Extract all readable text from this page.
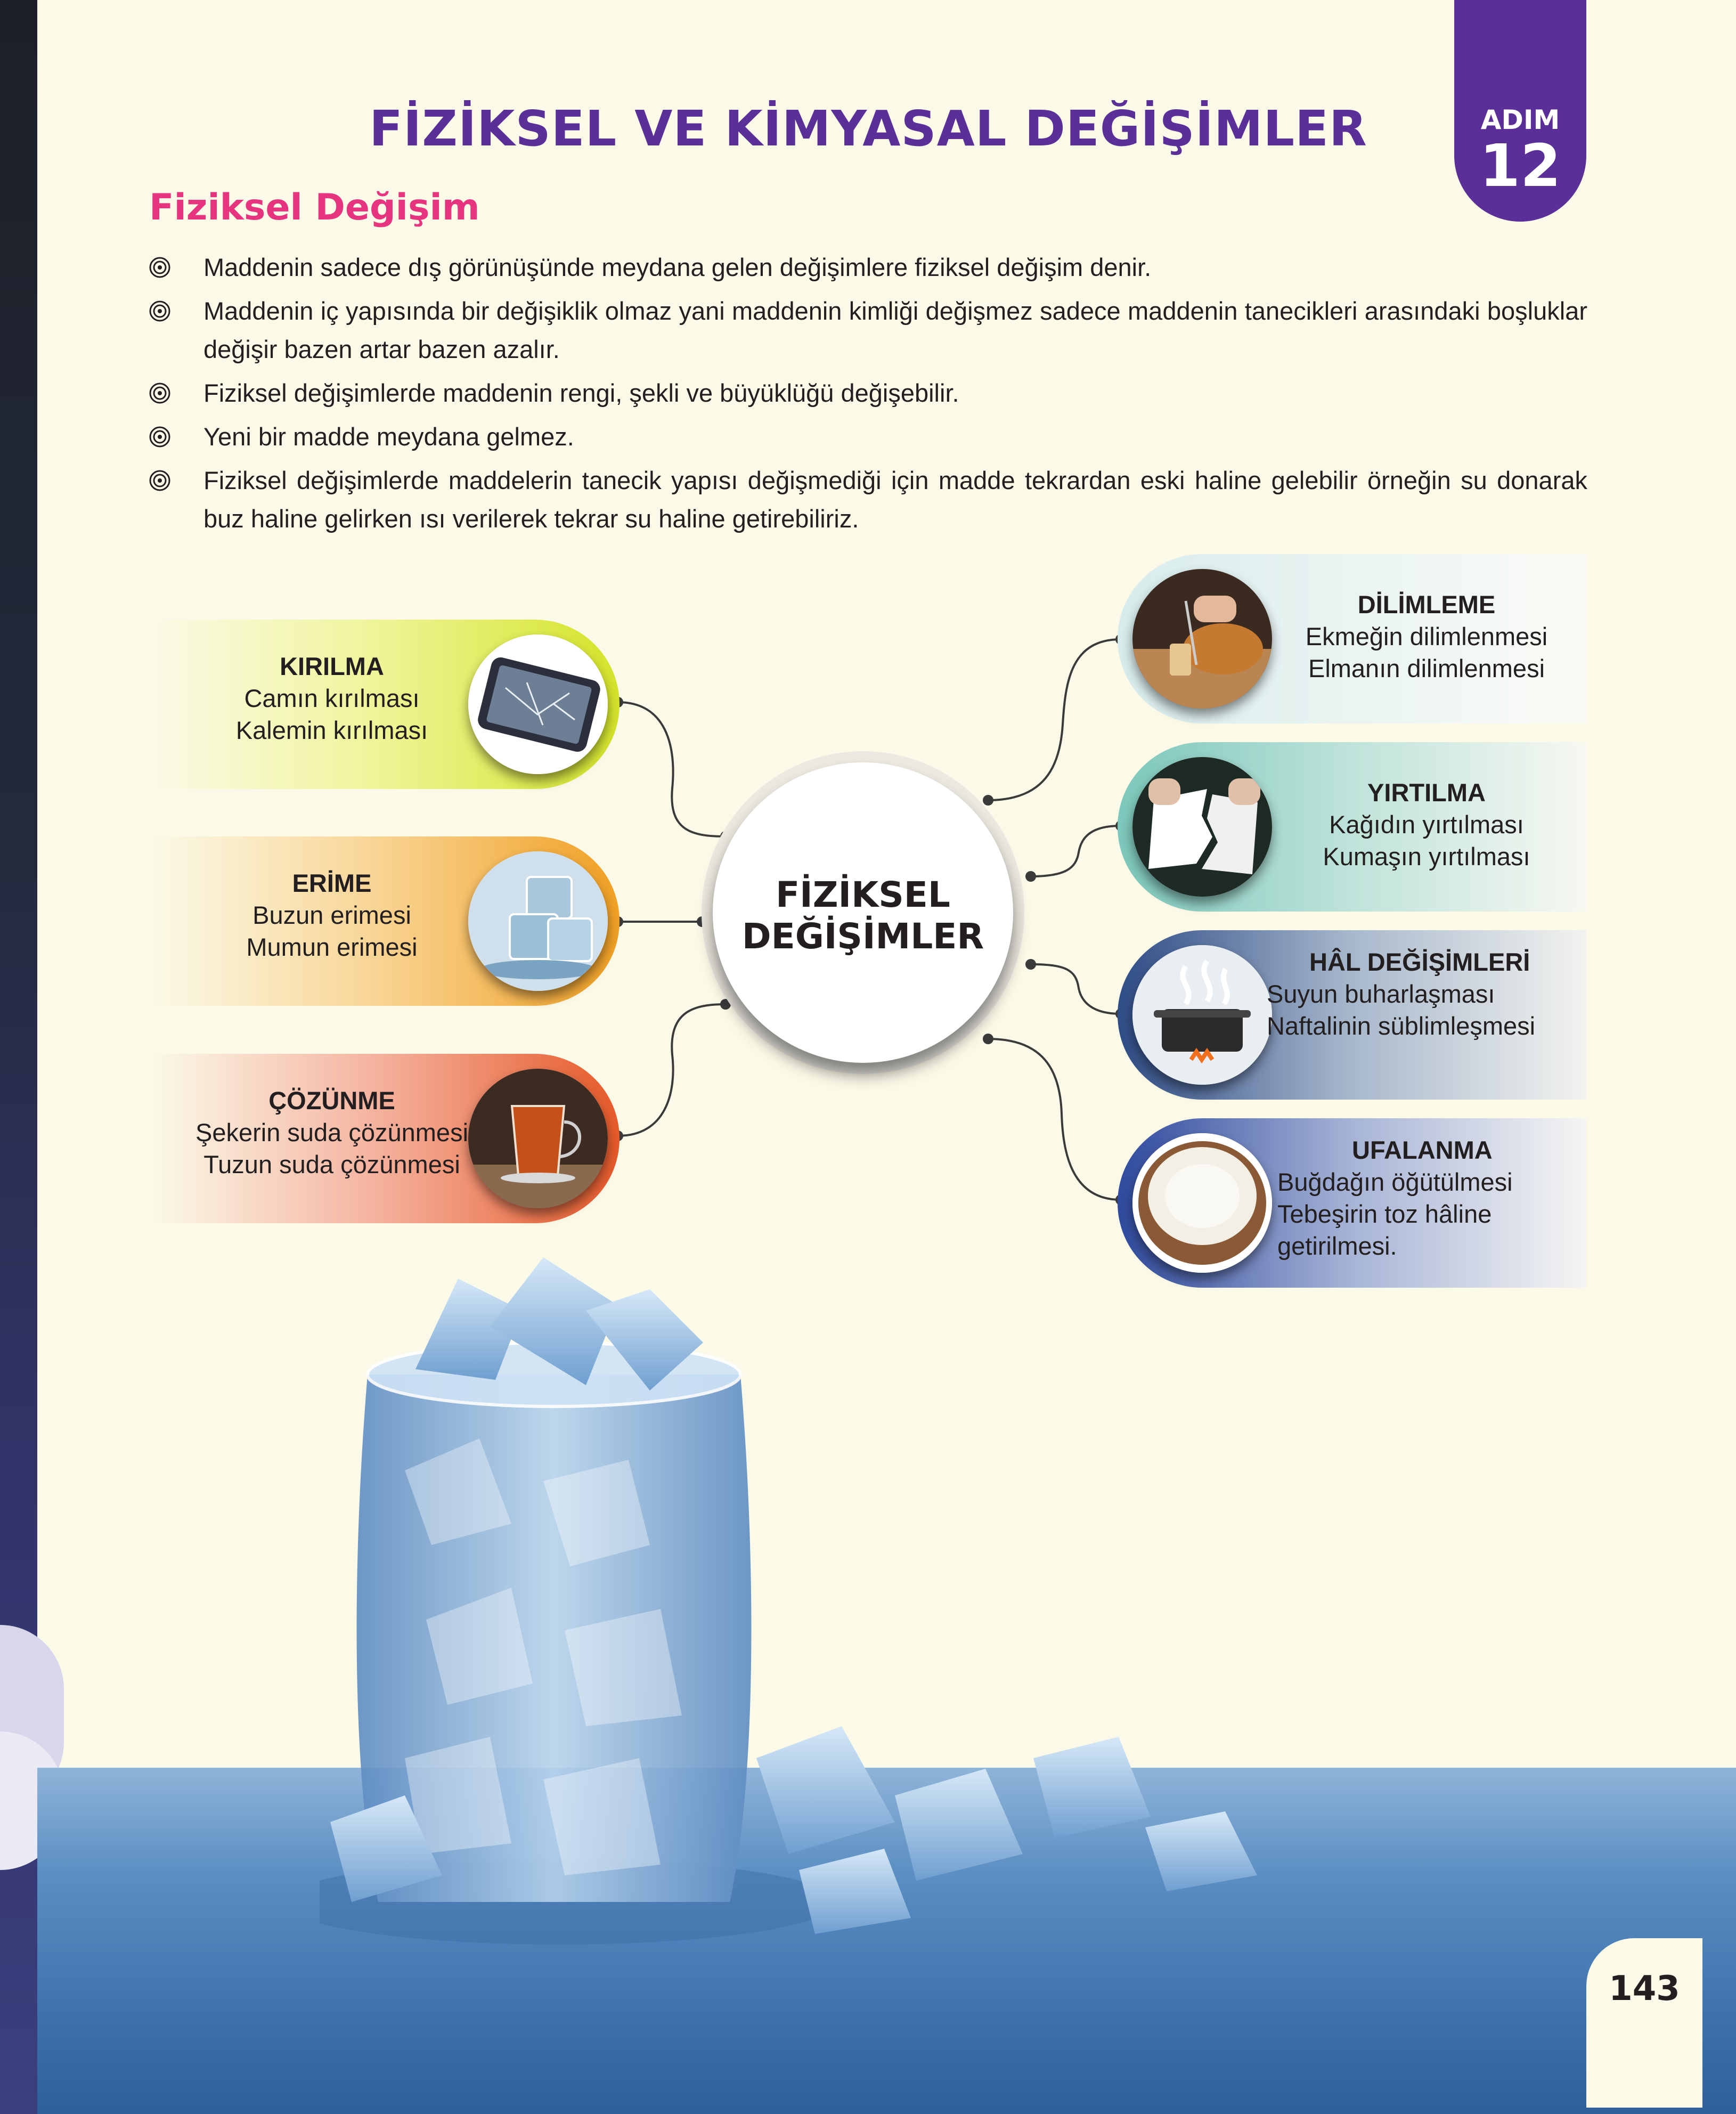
ADIM
12
FİZİKSEL VE KİMYASAL DEĞİŞİMLER
Fiziksel Değişim
Maddenin sadece dış görünüşünde meydana gelen değişimlere fiziksel değişim denir.
Maddenin iç yapısında bir değişiklik olmaz yani maddenin kimliği değişmez sadece maddenin tanecikleri arasındaki boşluklar değişir bazen artar bazen azalır.
Fiziksel değişimlerde maddenin rengi, şekli ve büyüklüğü değişebilir.
Yeni bir madde meydana gelmez.
Fiziksel değişimlerde maddelerin tanecik yapısı değişmediği için madde tekrardan eski haline gelebilir örneğin su donarak buz haline gelirken ısı verilerek tekrar su haline getirebiliriz.
KIRILMA
Camın kırılması
Kalemin kırılması
ERİME
Buzun erimesi
Mumun erimesi
ÇÖZÜNME
Şekerin suda çözünmesi
Tuzun suda çözünmesi
DİLİMLEME
Ekmeğin dilimlenmesi
Elmanın dilimlenmesi
YIRTILMA
Kağıdın yırtılması
Kumaşın yırtılması
HÂL DEĞİŞİMLERİ
Suyun buharlaşması
Naftalinin süblimleşmesi
UFALANMA
Buğdağın öğütülmesi
Tebeşirin toz hâline
getirilmesi.
FİZİKSEL
DEĞİŞİMLER
143
